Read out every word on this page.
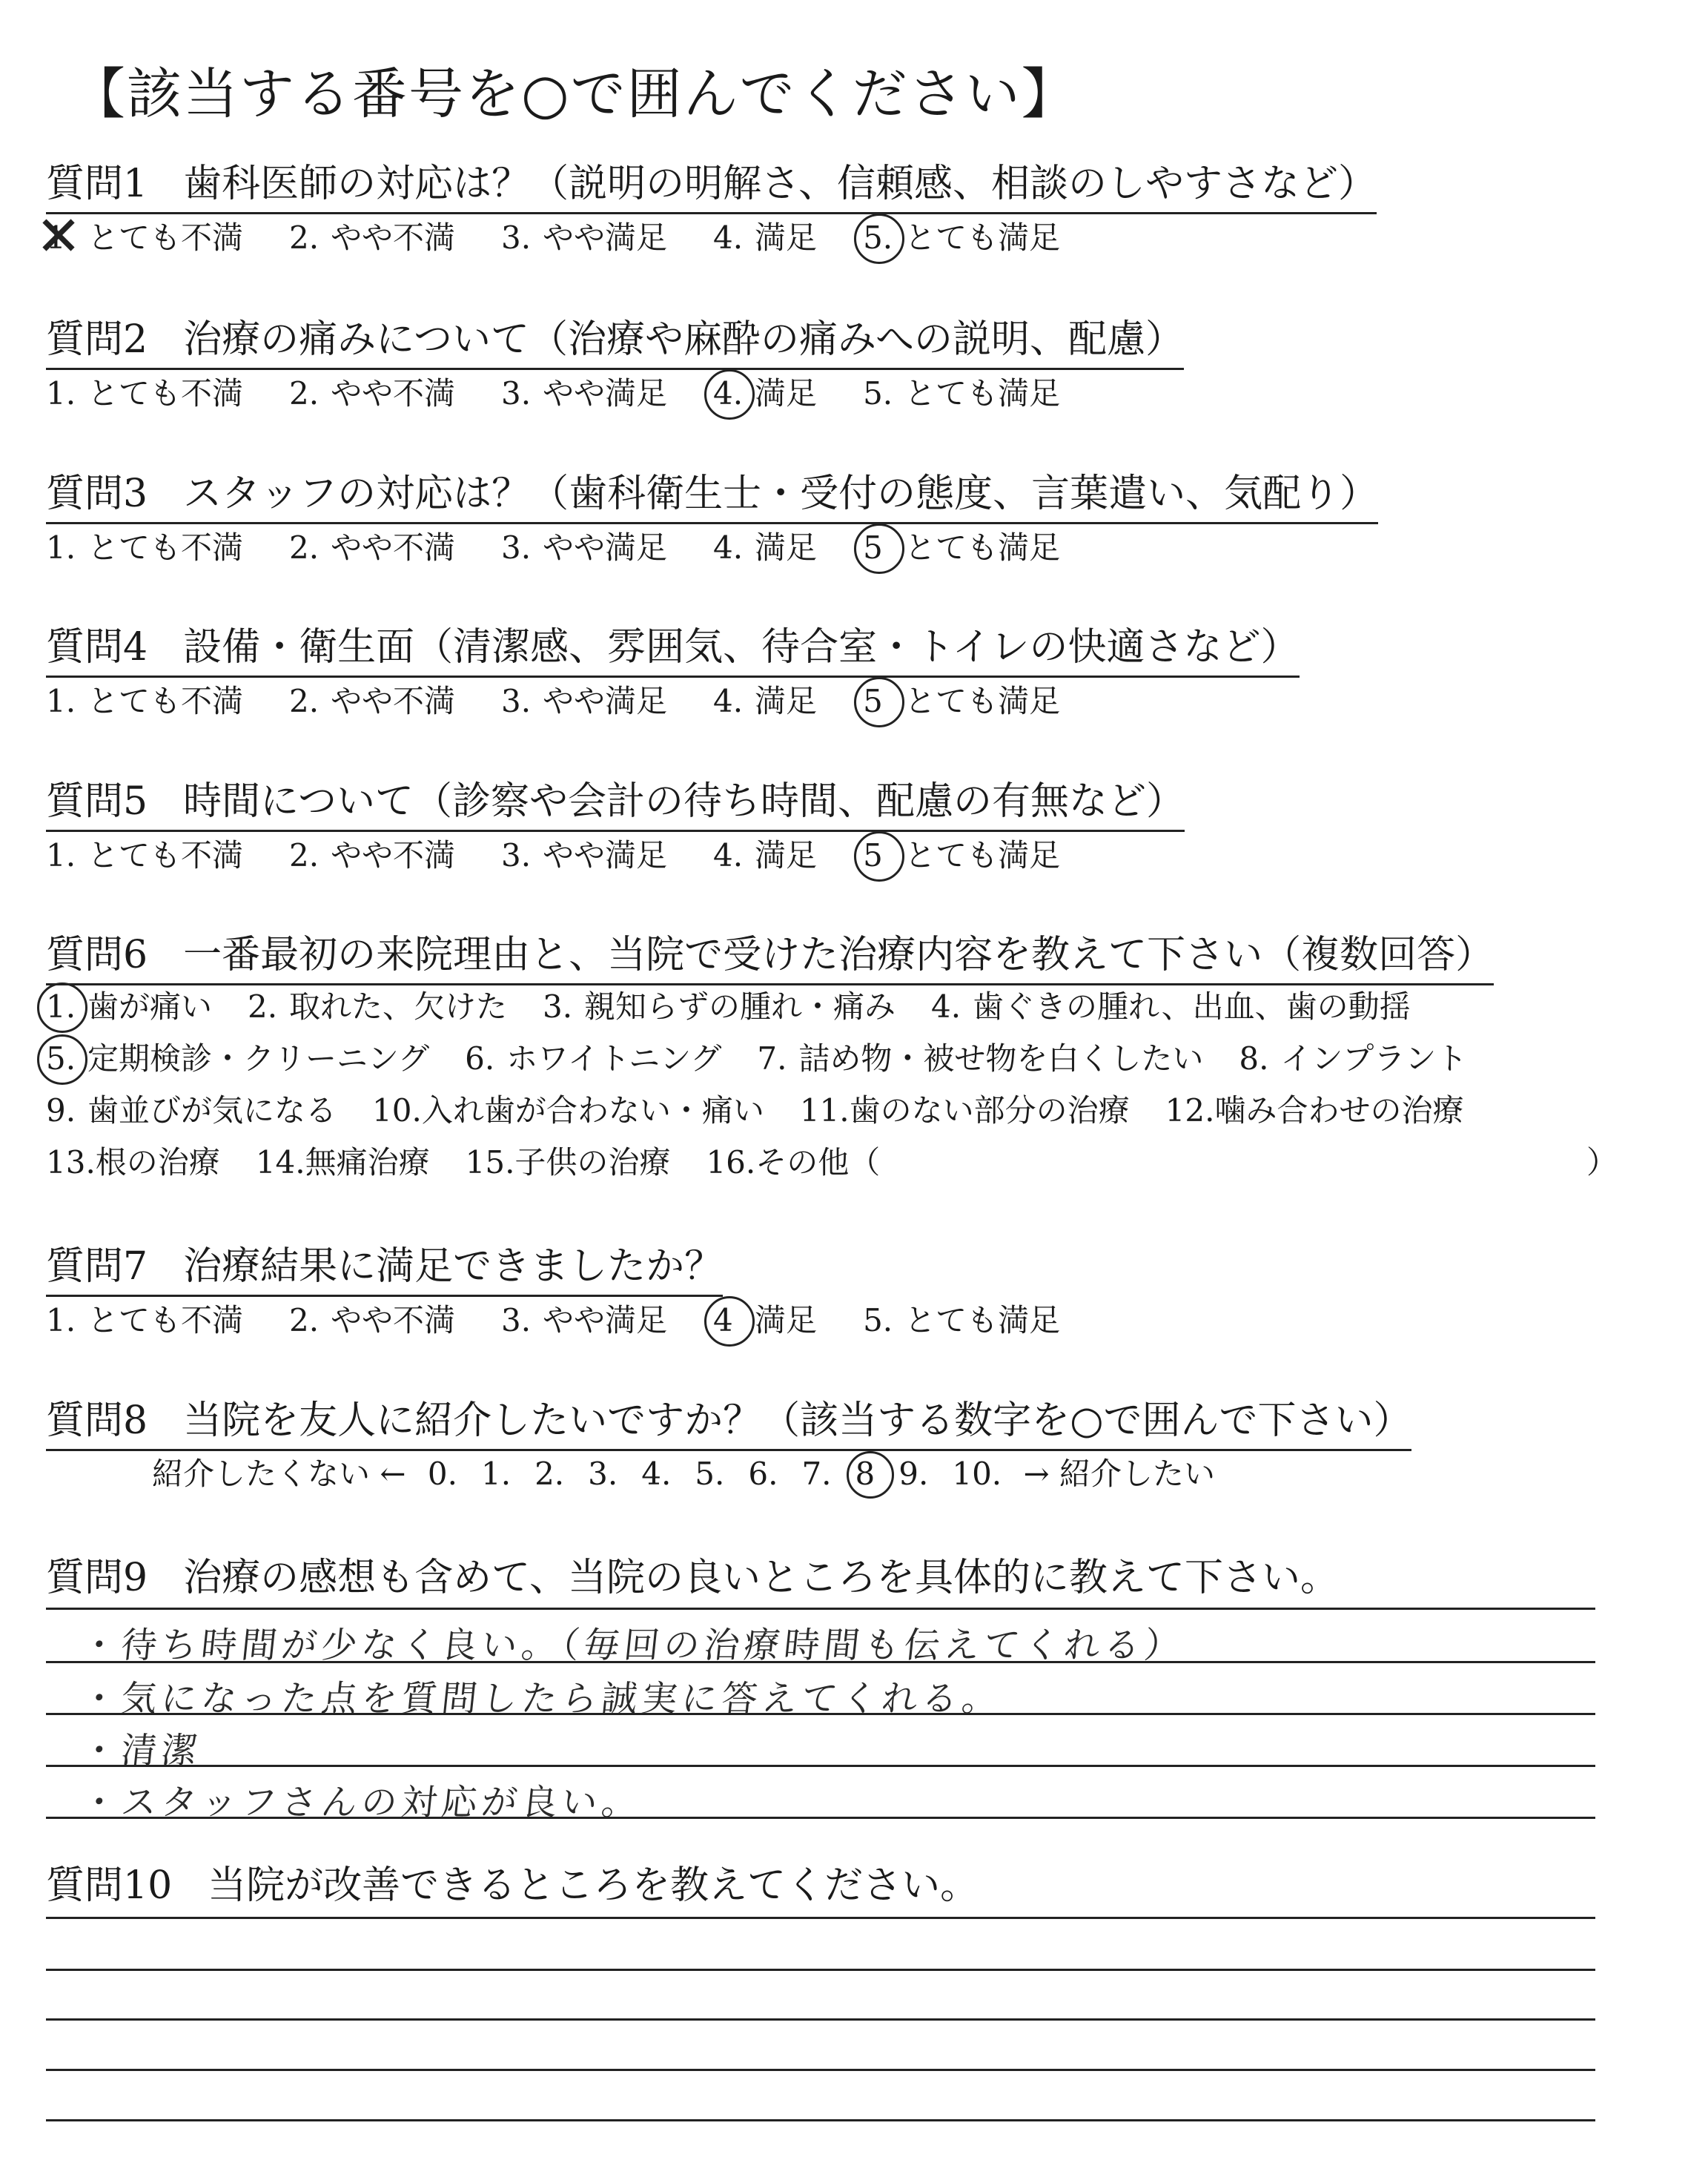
【該当する番号を○で囲んでください】
質問1 歯科医師の対応は？（説明の明解さ、信頼感、相談のしやすさなど）
✕ 1. とても不満 2. やや不満 3. やや満足 4. 満足 5. とても満足
質問2 治療の痛みについて（治療や麻酔の痛みへの説明、配慮）
1. とても不満 2. やや不満 3. やや満足 4. 満足 5. とても満足
質問3 スタッフの対応は？（歯科衛生士・受付の態度、言葉遣い、気配り）
1. とても不満 2. やや不満 3. やや満足 4. 満足 5 とても満足
質問4 設備・衛生面（清潔感、雰囲気、待合室・トイレの快適さなど）
1. とても不満 2. やや不満 3. やや満足 4. 満足 5 とても満足
質問5 時間について（診察や会計の待ち時間、配慮の有無など）
1. とても不満 2. やや不満 3. やや満足 4. 満足 5 とても満足
質問6 一番最初の来院理由と、当院で受けた治療内容を教えて下さい（複数回答）
1. 歯が痛い 2. 取れた、欠けた 3. 親知らずの腫れ・痛み 4. 歯ぐきの腫れ、出血、歯の動揺
5. 定期検診・クリーニング 6. ホワイトニング 7. 詰め物・被せ物を白くしたい 8. インプラント
9. 歯並びが気になる 10.入れ歯が合わない・痛い 11.歯のない部分の治療 12.噛み合わせの治療
13.根の治療 14.無痛治療 15.子供の治療 16.その他（	）
質問7 治療結果に満足できましたか？
1. とても不満 2. やや不満 3. やや満足 4 満足 5. とても満足
質問8 当院を友人に紹介したいですか？（該当する数字を○で囲んで下さい）
紹介したくない ← 0. 1. 2. 3. 4. 5. 6. 7. 8 9. 10. → 紹介したい
質問9 治療の感想も含めて、当院の良いところを具体的に教えて下さい。
・待ち時間が少なく良い。（毎回の治療時間も伝えてくれる）
・気になった点を質問したら誠実に答えてくれる。
・清潔
・スタッフさんの対応が良い。
質問10 当院が改善できるところを教えてください。
